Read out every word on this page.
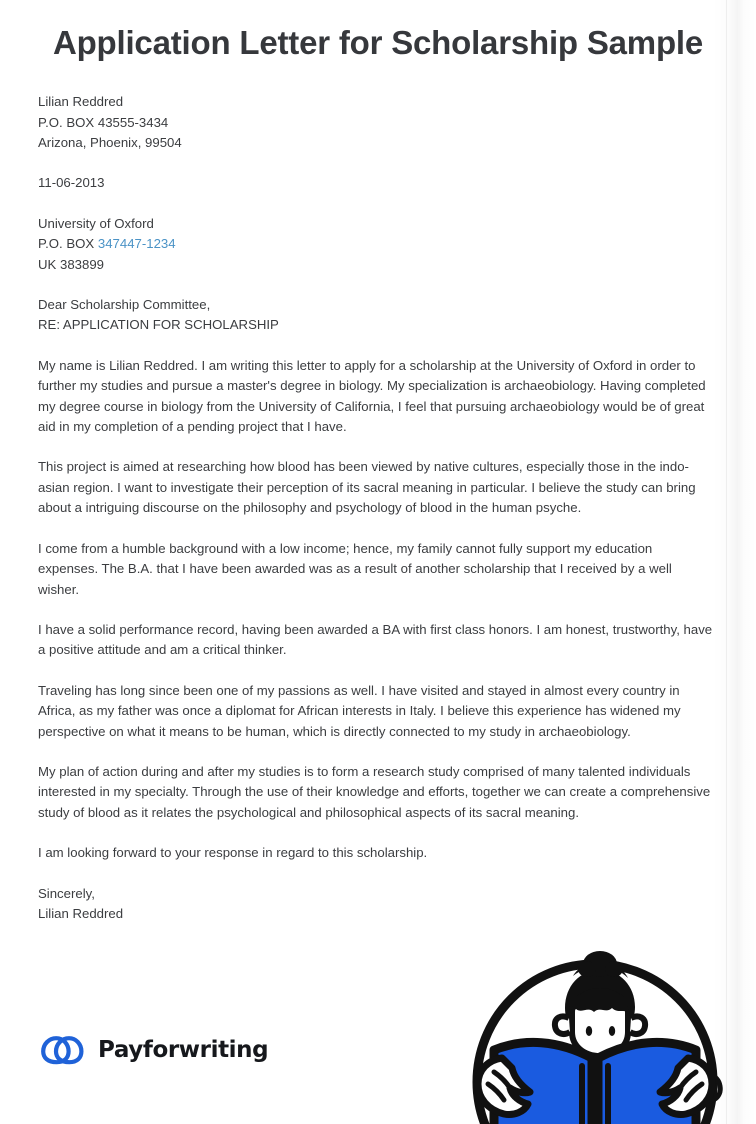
Application Letter for Scholarship Sample
Lilian Reddred
P.O. BOX 43555-3434
Arizona, Phoenix, 99504
11-06-2013
University of Oxford
P.O. BOX 347447-1234
UK 383899
Dear Scholarship Committee,
RE: APPLICATION FOR SCHOLARSHIP

My name is Lilian Reddred. I am writing this letter to apply for a scholarship at the University of Oxford in order to further my studies and pursue a master's degree in biology. My specialization is archaeobiology. Having completed my degree course in biology from the University of California, I feel that pursuing archaeobiology would be of great aid in my completion of a pending project that I have.

This project is aimed at researching how blood has been viewed by native cultures, especially those in the indo-asian region. I want to investigate their perception of its sacral meaning in particular. I believe the study can bring about a intriguing discourse on the philosophy and psychology of blood in the human psyche.

I come from a humble background with a low income; hence, my family cannot fully support my education expenses. The B.A. that I have been awarded was as a result of another scholarship that I received by a well wisher.

I have a solid performance record, having been awarded a BA with first class honors. I am honest, trustworthy, have a positive attitude and am a critical thinker.

Traveling has long since been one of my passions as well. I have visited and stayed in almost every country in Africa, as my father was once a diplomat for African interests in Italy. I believe this experience has widened my perspective on what it means to be human, which is directly connected to my study in archaeobiology.

My plan of action during and after my studies is to form a research study comprised of many talented individuals interested in my specialty. Through the use of their knowledge and efforts, together we can create a comprehensive study of blood as it relates the psychological and philosophical aspects of its sacral meaning.

I am looking forward to your response in regard to this scholarship.

Sincerely,
Lilian Reddred
Payforwriting
